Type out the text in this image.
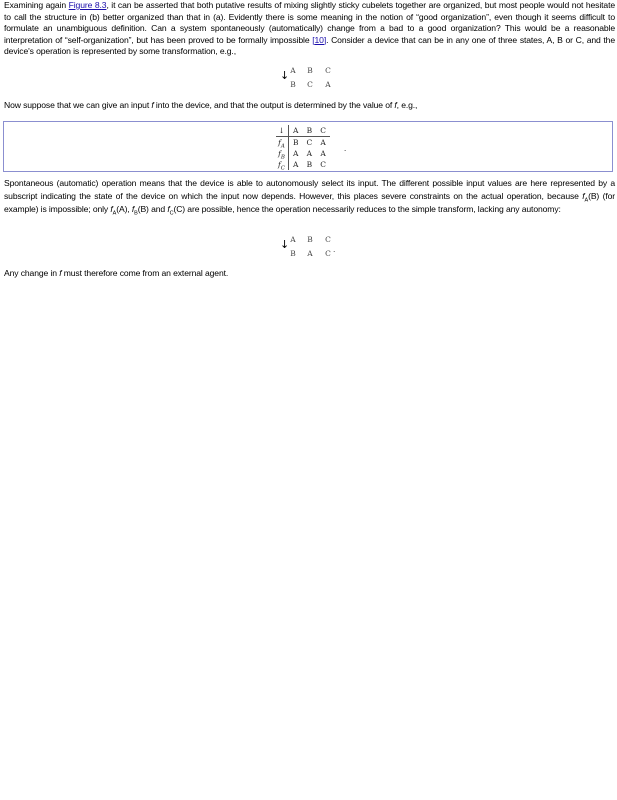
Examining again Figure 8.3, it can be asserted that both putative results of mixing slightly sticky cubelets together are organized, but most people would not hesitate to call the structure in (b) better organized than that in (a). Evidently there is some meaning in the notion of “good organization”, even though it seems difficult to formulate an unambiguous definition. Can a system spontaneously (automatically) change from a bad to a good organization? This would be a reasonable interpretation of “self-organization”, but has been proved to be formally impossible [10]. Consider a device that can be in any one of three states, A, B or C, and the device's operation is represented by some transformation, e.g.,

↓ A	B	C
B	C	A

Now suppose that we can give an input f into the device, and that the output is determined by the value of f, e.g.,

↓	A	B	C
$f_A$	B	C	A
$f_B$	A	A	A
$f_C$	A	B	C
.

Spontaneous (automatic) operation means that the device is able to autonomously select its input. The different possible input values are here represented by a subscript indicating the state of the device on which the input now depends. However, this places severe constraints on the actual operation, because $f_A(B)$ (for example) is impossible; only $f_A(A)$, $f_B(B)$ and $f_C(C)$ are possible, hence the operation necessarily reduces to the simple transform, lacking any autonomy:

↓ A	B	C
B	A	C .

Any change in f must therefore come from an external agent.
